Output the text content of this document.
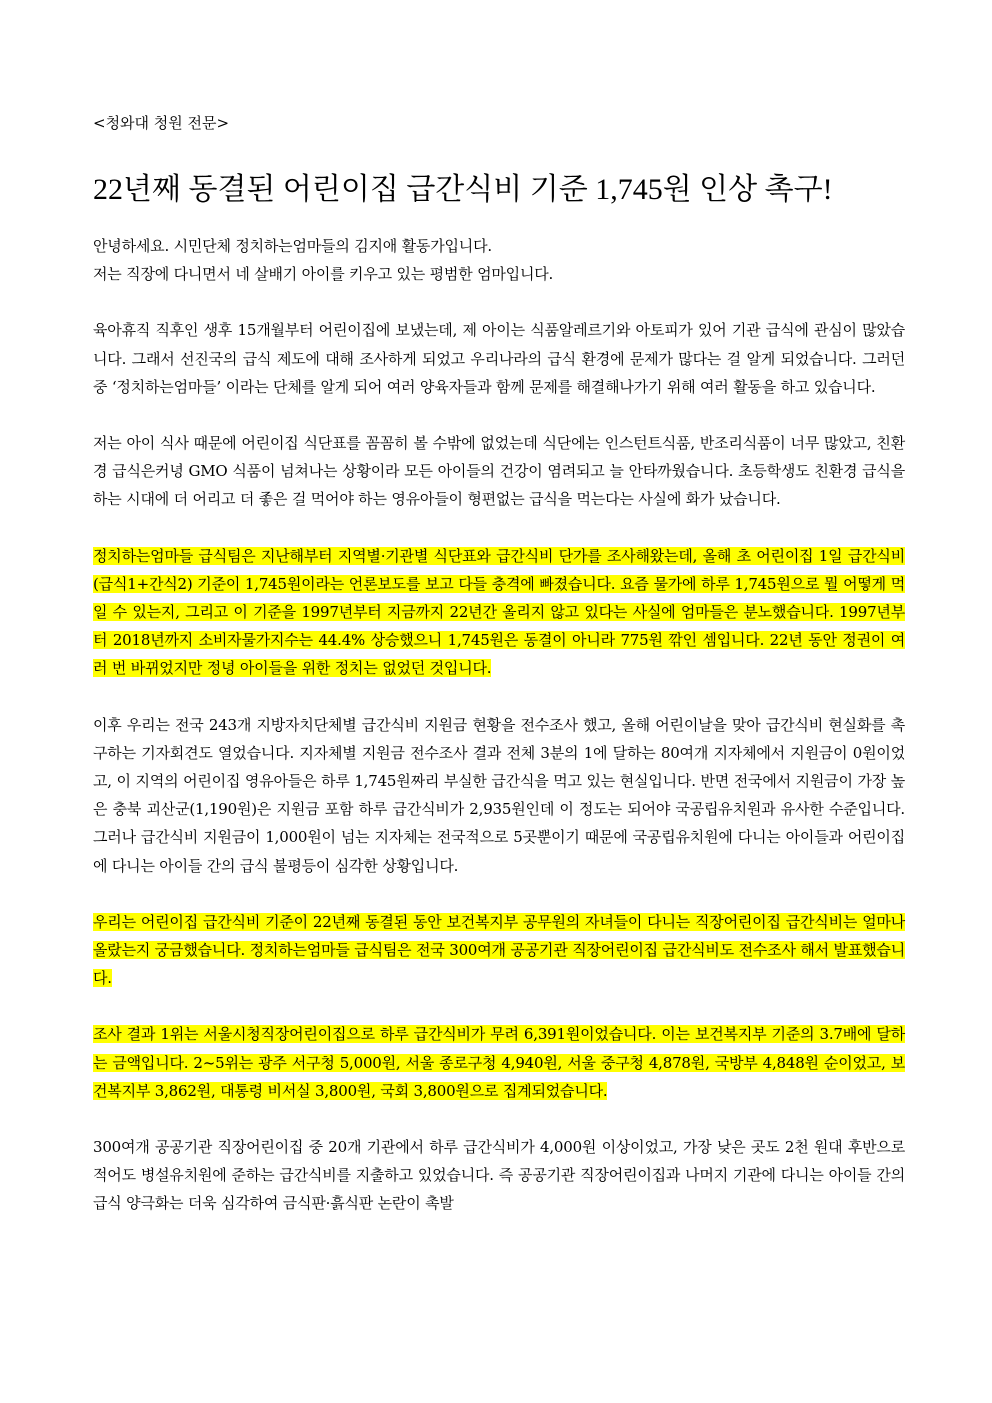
<청와대 청원 전문>
22년째 동결된 어린이집 급간식비 기준 1,745원 인상 촉구!
안녕하세요. 시민단체 정치하는엄마들의 김지애 활동가입니다.
저는 직장에 다니면서 네 살배기 아이를 키우고 있는 평범한 엄마입니다.
육아휴직 직후인 생후 15개월부터 어린이집에 보냈는데, 제 아이는 식품알레르기와 아토피가 있어 기관 급식에 관심이 많았습니다. 그래서 선진국의 급식 제도에 대해 조사하게 되었고 우리나라의 급식 환경에 문제가 많다는 걸 알게 되었습니다. 그러던 중 ‘정치하는엄마들’ 이라는 단체를 알게 되어 여러 양육자들과 함께 문제를 해결해나가기 위해 여러 활동을 하고 있습니다.
저는 아이 식사 때문에 어린이집 식단표를 꼼꼼히 볼 수밖에 없었는데 식단에는 인스턴트식품, 반조리식품이 너무 많았고, 친환경 급식은커녕 GMO 식품이 넘쳐나는 상황이라 모든 아이들의 건강이 염려되고 늘 안타까웠습니다. 초등학생도 친환경 급식을 하는 시대에 더 어리고 더 좋은 걸 먹어야 하는 영유아들이 형편없는 급식을 먹는다는 사실에 화가 났습니다.
정치하는엄마들 급식팀은 지난해부터 지역별·기관별 식단표와 급간식비 단가를 조사해왔는데, 올해 초 어린이집 1일 급간식비(급식1+간식2) 기준이 1,745원이라는 언론보도를 보고 다들 충격에 빠졌습니다. 요즘 물가에 하루 1,745원으로 뭘 어떻게 먹일 수 있는지, 그리고 이 기준을 1997년부터 지금까지 22년간 올리지 않고 있다는 사실에 엄마들은 분노했습니다. 1997년부터 2018년까지 소비자물가지수는 44.4% 상승했으니 1,745원은 동결이 아니라 775원 깎인 셈입니다. 22년 동안 정권이 여러 번 바뀌었지만 정녕 아이들을 위한 정치는 없었던 것입니다.
이후 우리는 전국 243개 지방자치단체별 급간식비 지원금 현황을 전수조사 했고, 올해 어린이날을 맞아 급간식비 현실화를 촉구하는 기자회견도 열었습니다. 지자체별 지원금 전수조사 결과 전체 3분의 1에 달하는 80여개 지자체에서 지원금이 0원이었고, 이 지역의 어린이집 영유아들은 하루 1,745원짜리 부실한 급간식을 먹고 있는 현실입니다. 반면 전국에서 지원금이 가장 높은 충북 괴산군(1,190원)은 지원금 포함 하루 급간식비가 2,935원인데 이 정도는 되어야 국공립유치원과 유사한 수준입니다. 그러나 급간식비 지원금이 1,000원이 넘는 지자체는 전국적으로 5곳뿐이기 때문에 국공립유치원에 다니는 아이들과 어린이집에 다니는 아이들 간의 급식 불평등이 심각한 상황입니다.
우리는 어린이집 급간식비 기준이 22년째 동결된 동안 보건복지부 공무원의 자녀들이 다니는 직장어린이집 급간식비는 얼마나 올랐는지 궁금했습니다. 정치하는엄마들 급식팀은 전국 300여개 공공기관 직장어린이집 급간식비도 전수조사 해서 발표했습니다.
조사 결과 1위는 서울시청직장어린이집으로 하루 급간식비가 무려 6,391원이었습니다. 이는 보건복지부 기준의 3.7배에 달하는 금액입니다. 2~5위는 광주 서구청 5,000원, 서울 종로구청 4,940원, 서울 중구청 4,878원, 국방부 4,848원 순이었고, 보건복지부 3,862원, 대통령 비서실 3,800원, 국회 3,800원으로 집계되었습니다.
300여개 공공기관 직장어린이집 중 20개 기관에서 하루 급간식비가 4,000원 이상이었고, 가장 낮은 곳도 2천 원대 후반으로 적어도 병설유치원에 준하는 급간식비를 지출하고 있었습니다. 즉 공공기관 직장어린이집과 나머지 기관에 다니는 아이들 간의 급식 양극화는 더욱 심각하여 금식판·흙식판 논란이 촉발
